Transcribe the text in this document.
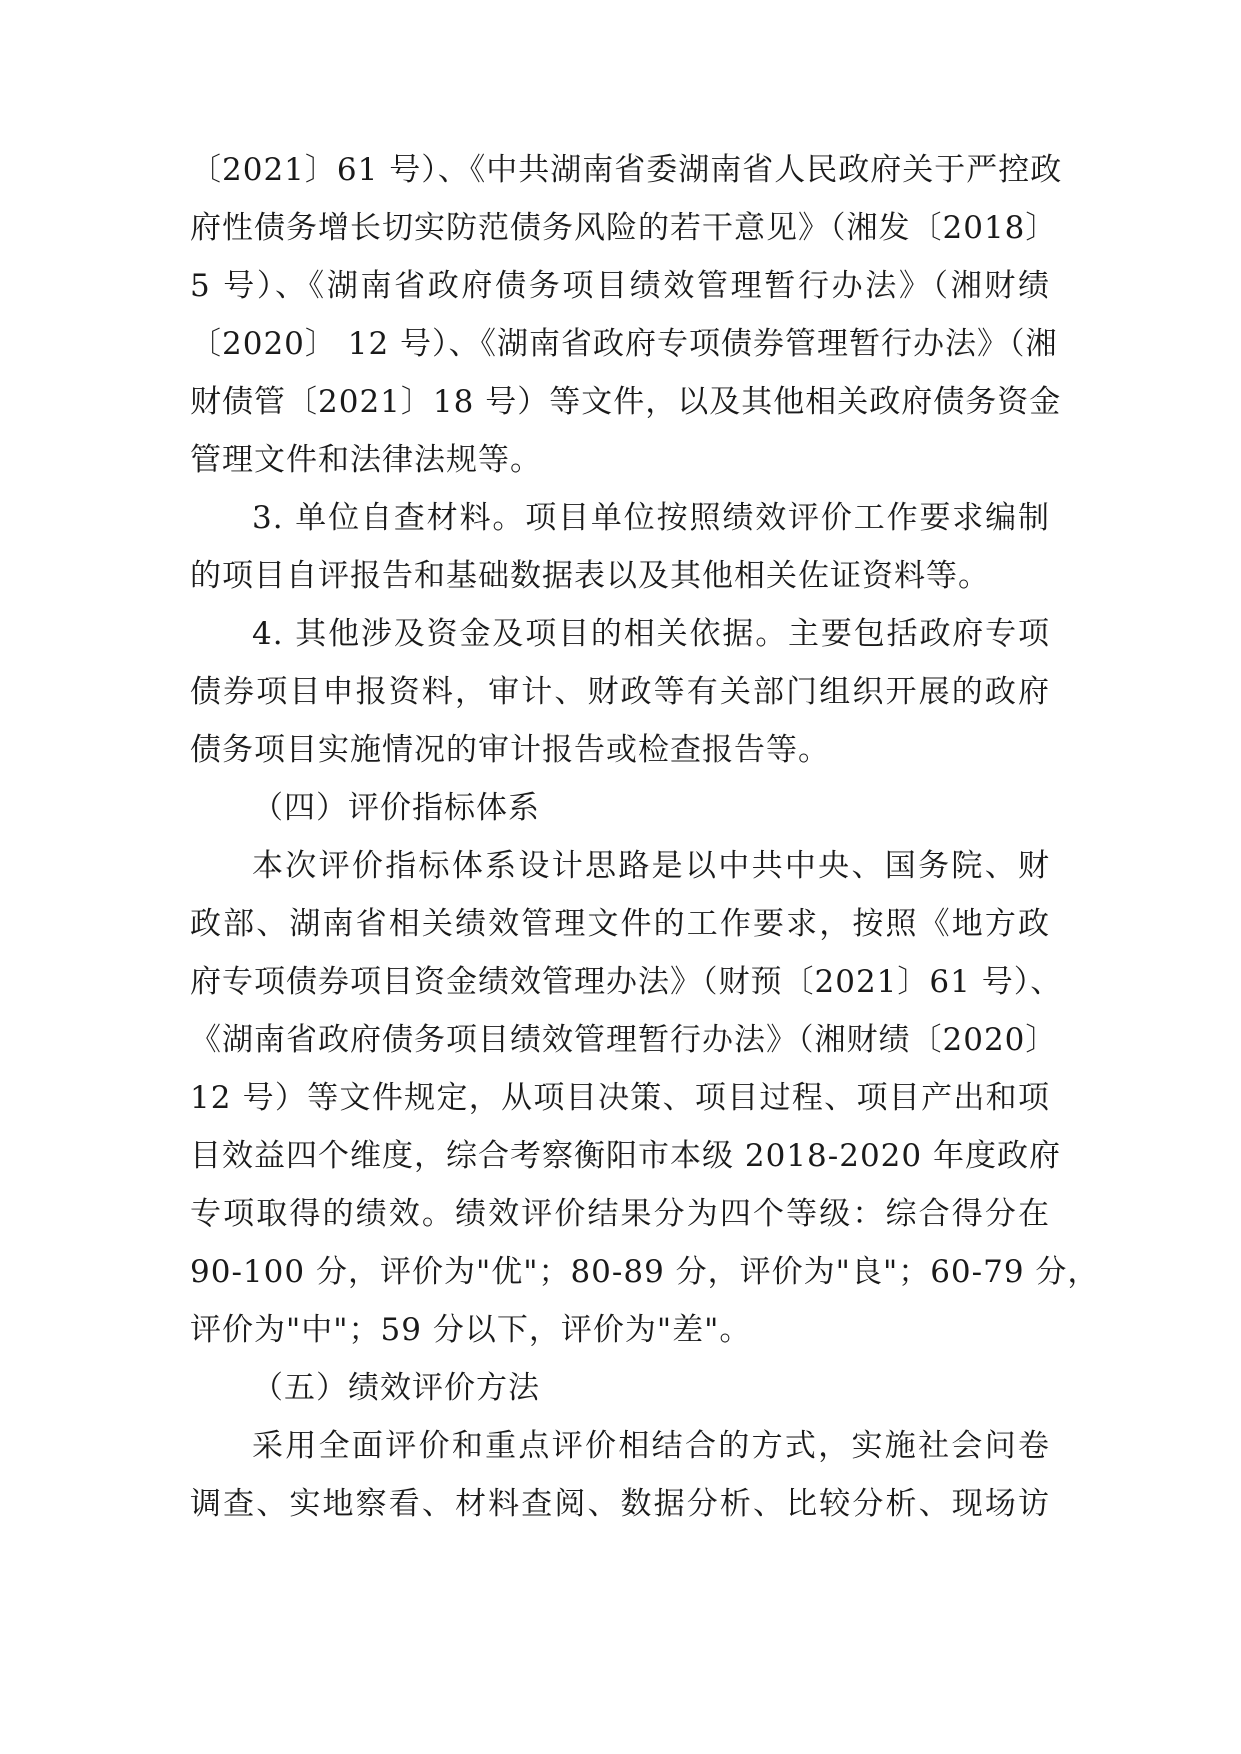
〔2021〕61 号）、《中共湖南省委湖南省人民政府关于严控政
府性债务增长切实防范债务风险的若干意见》（湘发〔2018〕
5 号）、《湖南省政府债务项目绩效管理暂行办法》（湘财绩
〔2020〕 12 号）、《湖南省政府专项债券管理暂行办法》（湘
财债管〔2021〕18 号）等文件，以及其他相关政府债务资金
管理文件和法律法规等。
3. 单位自查材料。项目单位按照绩效评价工作要求编制
的项目自评报告和基础数据表以及其他相关佐证资料等。
4. 其他涉及资金及项目的相关依据。主要包括政府专项
债券项目申报资料，审计、财政等有关部门组织开展的政府
债务项目实施情况的审计报告或检查报告等。
（四）评价指标体系
本次评价指标体系设计思路是以中共中央、国务院、财
政部、湖南省相关绩效管理文件的工作要求，按照《地方政
府专项债券项目资金绩效管理办法》（财预〔2021〕61 号）、
《湖南省政府债务项目绩效管理暂行办法》（湘财绩〔2020〕
12 号）等文件规定，从项目决策、项目过程、项目产出和项
目效益四个维度，综合考察衡阳市本级 2018-2020 年度政府
专项取得的绩效。绩效评价结果分为四个等级：综合得分在
90-100 分，评价为"优"；80-89 分，评价为"良"；60-79 分，
评价为"中"；59 分以下，评价为"差"。
（五）绩效评价方法
采用全面评价和重点评价相结合的方式，实施社会问卷
调查、实地察看、材料查阅、数据分析、比较分析、现场访
